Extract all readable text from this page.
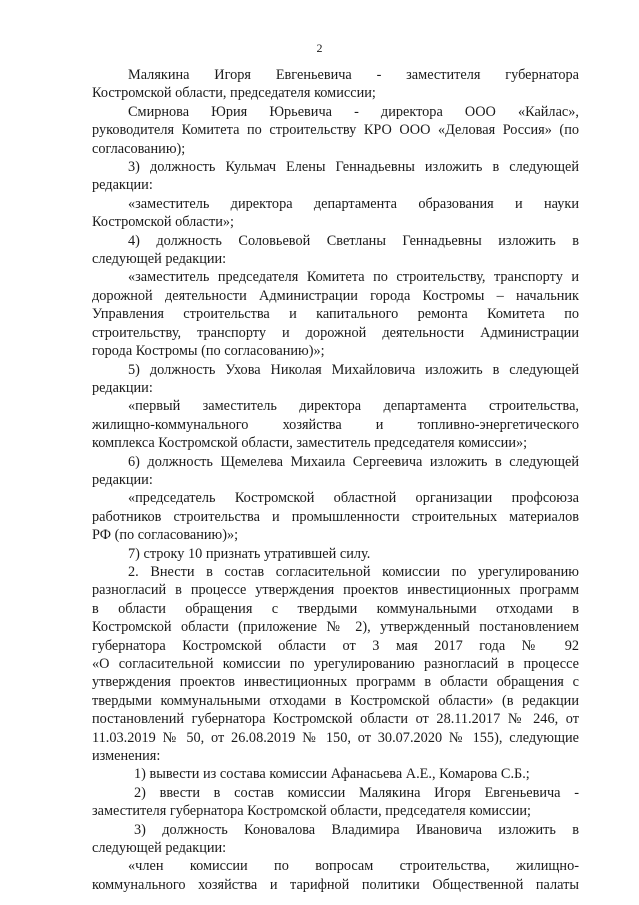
2

Малякина Игоря Евгеньевича - заместителя губернатора
Костромской области, председателя комиссии;

Смирнова Юрия Юрьевича - директора ООО «Кайлас»,
руководителя Комитета по строительству КРО ООО «Деловая Россия» (по
согласованию);

3) должность Кульмач Елены Геннадьевны изложить в следующей
редакции:

«заместитель директора департамента образования и науки
Костромской области»;

4) должность Соловьевой Светланы Геннадьевны изложить в
следующей редакции:

«заместитель председателя Комитета по строительству, транспорту и
дорожной деятельности Администрации города Костромы – начальник
Управления строительства и капитального ремонта Комитета по
строительству, транспорту и дорожной деятельности Администрации
города Костромы (по согласованию)»;

5) должность Ухова Николая Михайловича изложить в следующей
редакции:

«первый заместитель директора департамента строительства,
жилищно-коммунального хозяйства и топливно-энергетического
комплекса Костромской области, заместитель председателя комиссии»;

6) должность Щемелева Михаила Сергеевича изложить в следующей
редакции:

«председатель Костромской областной организации профсоюза
работников строительства и промышленности строительных материалов
РФ (по согласованию)»;

7) строку 10 признать утратившей силу.

2. Внести в состав согласительной комиссии по урегулированию
разногласий в процессе утверждения проектов инвестиционных программ
в области обращения с твердыми коммунальными отходами в
Костромской области (приложение № 2), утвержденный постановлением
губернатора Костромской области от 3 мая 2017 года № 92
«О согласительной комиссии по урегулированию разногласий в процессе
утверждения проектов инвестиционных программ в области обращения с
твердыми коммунальными отходами в Костромской области» (в редакции
постановлений губернатора Костромской области от 28.11.2017 № 246, от
11.03.2019 № 50, от 26.08.2019 № 150, от 30.07.2020 № 155), следующие
изменения:

1) вывести из состава комиссии Афанасьева А.Е., Комарова С.Б.;

2) ввести в состав комиссии Малякина Игоря Евгеньевича -
заместителя губернатора Костромской области, председателя комиссии;

3) должность Коновалова Владимира Ивановича изложить в
следующей редакции:

«член комиссии по вопросам строительства, жилищно-
коммунального хозяйства и тарифной политики Общественной палаты
